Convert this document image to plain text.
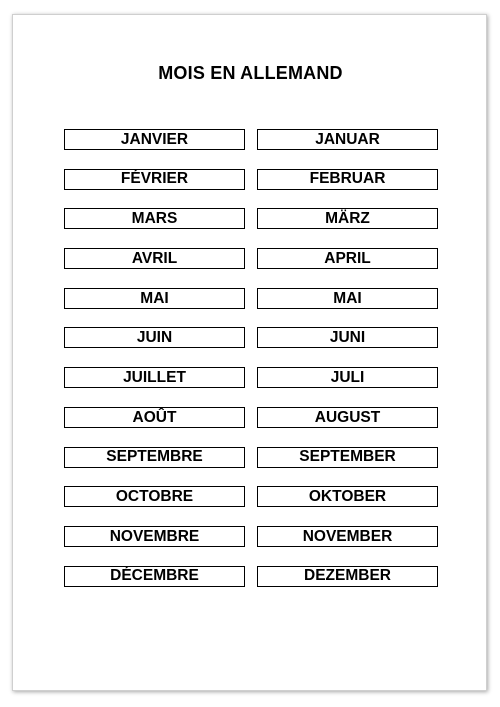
MOIS EN ALLEMAND
JANVIER	JANUAR
FÉVRIER	FEBRUAR
MARS	MÄRZ
AVRIL	APRIL
MAI	MAI
JUIN	JUNI
JUILLET	JULI
AOÛT	AUGUST
SEPTEMBRE	SEPTEMBER
OCTOBRE	OKTOBER
NOVEMBRE	NOVEMBER
DÉCEMBRE	DEZEMBER
